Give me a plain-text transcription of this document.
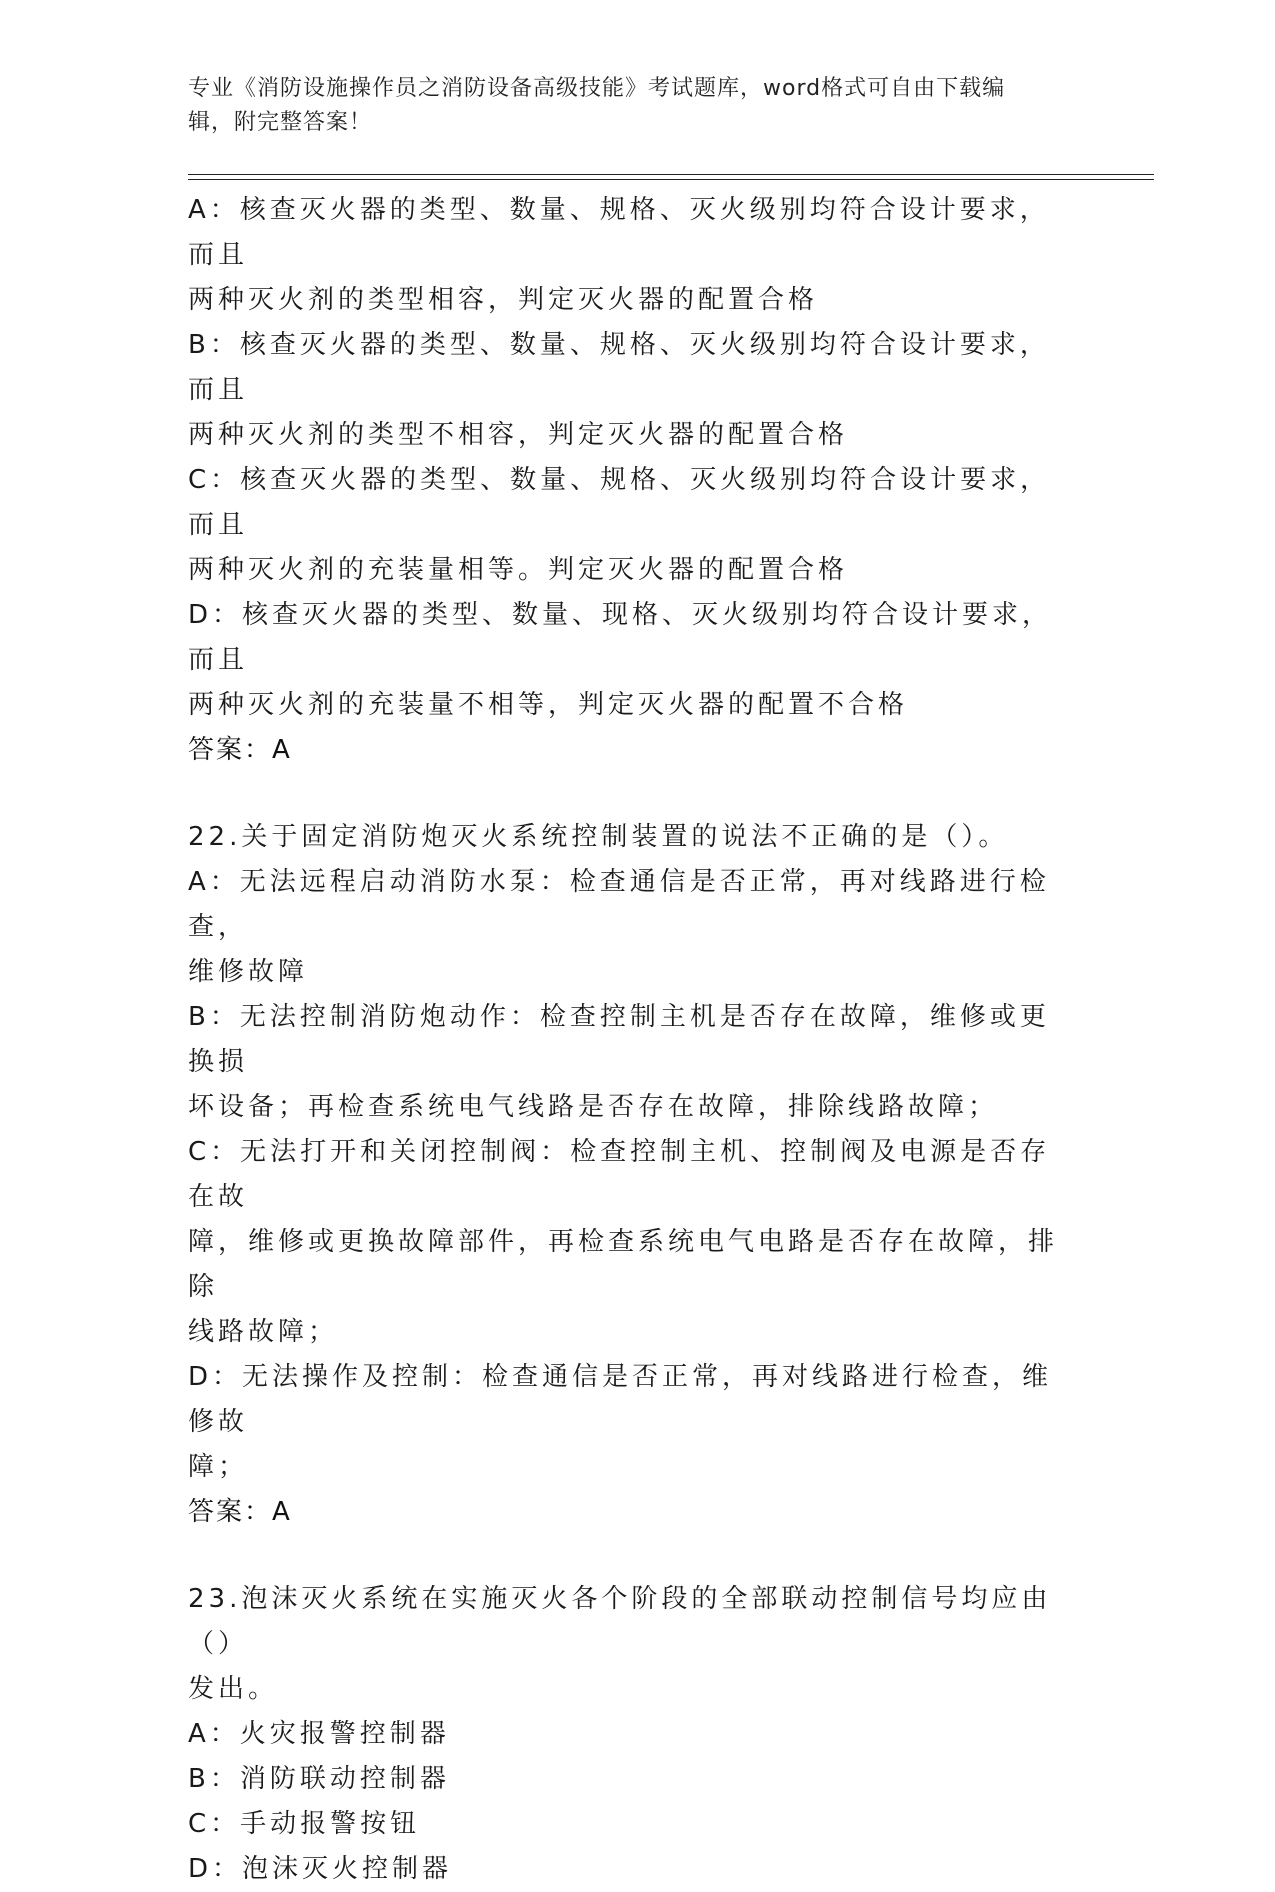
专业《消防设施操作员之消防设备高级技能》考试题库，word格式可自由下载编

辑，附完整答案！

A：核查灭火器的类型、数量、规格、灭火级别均符合设计要求，而且

两种灭火剂的类型相容，判定灭火器的配置合格

B：核查灭火器的类型、数量、规格、灭火级别均符合设计要求，而且

两种灭火剂的类型不相容，判定灭火器的配置合格

C：核查灭火器的类型、数量、规格、灭火级别均符合设计要求，而且

两种灭火剂的充装量相等。判定灭火器的配置合格

D：核查灭火器的类型、数量、现格、灭火级别均符合设计要求，而且

两种灭火剂的充装量不相等，判定灭火器的配置不合格

答案：A

22.关于固定消防炮灭火系统控制装置的说法不正确的是（）。

A：无法远程启动消防水泵：检查通信是否正常，再对线路进行检查，

维修故障

B：无法控制消防炮动作：检查控制主机是否存在故障，维修或更换损

坏设备；再检查系统电气线路是否存在故障，排除线路故障；

C：无法打开和关闭控制阀：检查控制主机、控制阀及电源是否存在故

障，维修或更换故障部件，再检查系统电气电路是否存在故障，排除

线路故障；

D：无法操作及控制：检查通信是否正常，再对线路进行检查，维修故

障；

答案：A

23.泡沫灭火系统在实施灭火各个阶段的全部联动控制信号均应由（）

发出。

A：火灾报警控制器

B：消防联动控制器

C：手动报警按钮

D：泡沫灭火控制器
